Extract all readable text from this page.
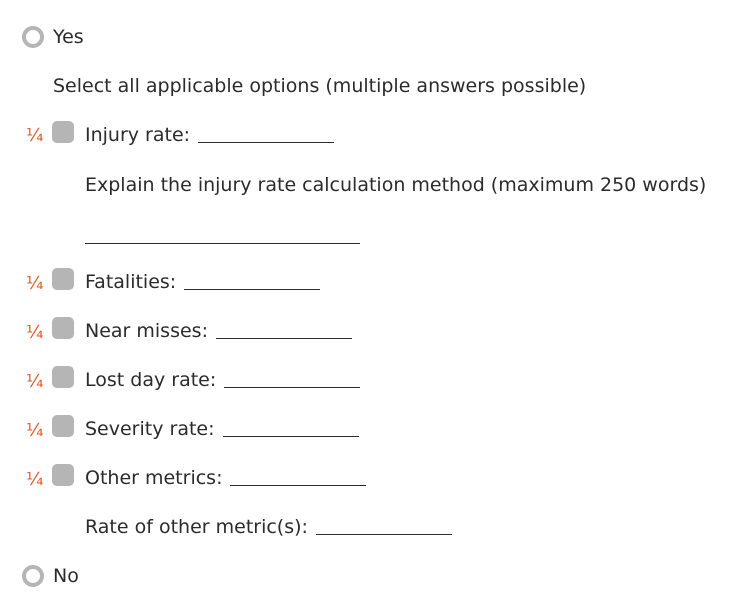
Yes
Select all applicable options (multiple answers possible)
¼ Injury rate:
Explain the injury rate calculation method (maximum 250 words)
¼ Fatalities:
¼ Near misses:
¼ Lost day rate:
¼ Severity rate:
¼ Other metrics:
Rate of other metric(s):
No
